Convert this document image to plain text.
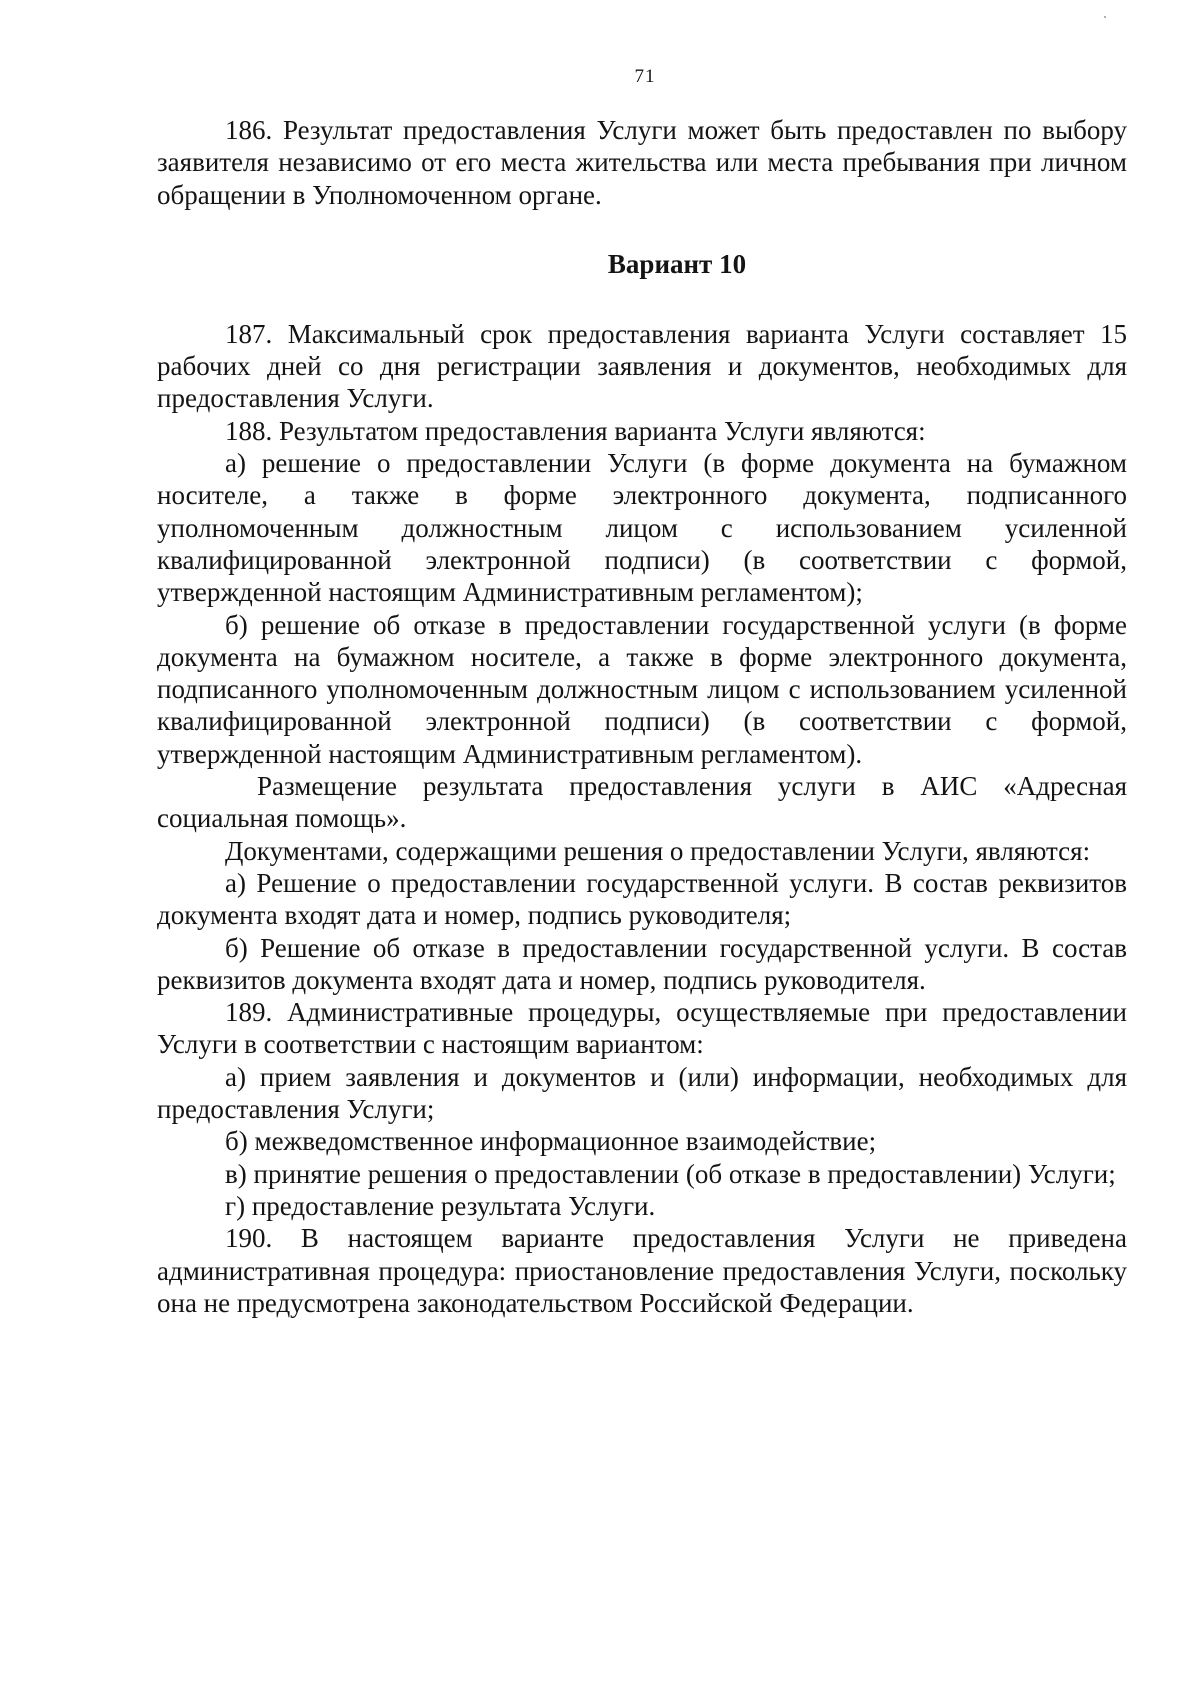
71

186. Результат предоставления Услуги может быть предоставлен по выбору заявителя независимо от его места жительства или места пребывания при личном обращении в Уполномоченном органе.

Вариант 10

187. Максимальный срок предоставления варианта Услуги составляет 15 рабочих дней со дня регистрации заявления и документов, необходимых для предоставления Услуги.

188. Результатом предоставления варианта Услуги являются:

а) решение о предоставлении Услуги (в форме документа на бумажном носителе, а также в форме электронного документа, подписанного уполномоченным должностным лицом с использованием усиленной квалифицированной электронной подписи) (в соответствии с формой, утвержденной настоящим Административным регламентом);

б) решение об отказе в предоставлении государственной услуги (в форме документа на бумажном носителе, а также в форме электронного документа, подписанного уполномоченным должностным лицом с использованием усиленной квалифицированной электронной подписи) (в соответствии с формой, утвержденной настоящим Административным регламентом).

Размещение результата предоставления услуги в АИС «Адресная социальная помощь».

Документами, содержащими решения о предоставлении Услуги, являются:

а) Решение о предоставлении государственной услуги. В состав реквизитов документа входят дата и номер, подпись руководителя;

б) Решение об отказе в предоставлении государственной услуги. В состав реквизитов документа входят дата и номер, подпись руководителя.

189. Административные процедуры, осуществляемые при предоставлении Услуги в соответствии с настоящим вариантом:

а) прием заявления и документов и (или) информации, необходимых для предоставления Услуги;

б) межведомственное информационное взаимодействие;

в) принятие решения о предоставлении (об отказе в предоставлении) Услуги;

г) предоставление результата Услуги.

190. В настоящем варианте предоставления Услуги не приведена административная процедура: приостановление предоставления Услуги, поскольку она не предусмотрена законодательством Российской Федерации.
